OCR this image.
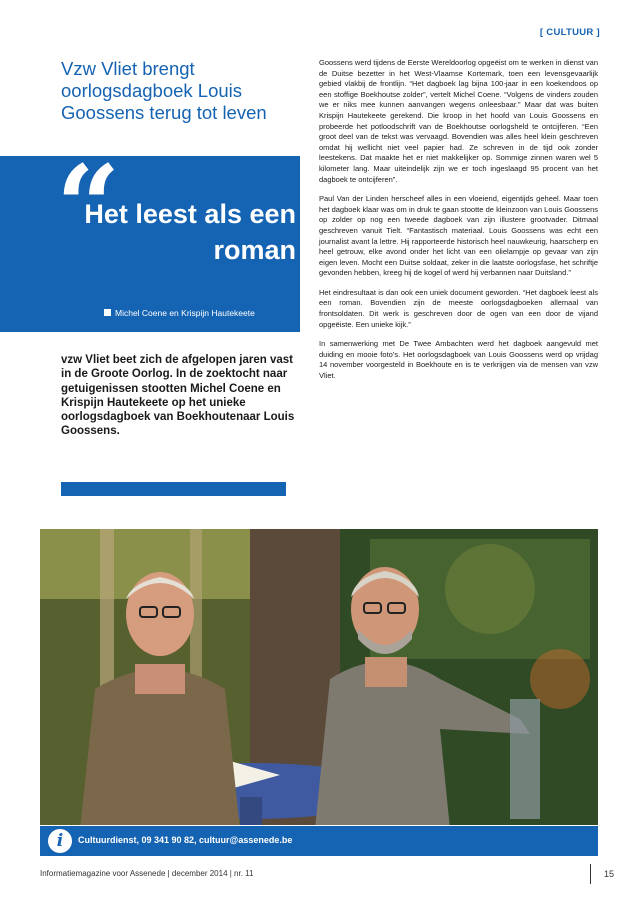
[ CULTUUR ]
Vzw Vliet brengt oorlogsdagboek Louis Goossens terug tot leven
“
Het leest als een roman
Michel Coene en Krispijn Hautekeete
vzw Vliet beet zich de afgelopen jaren vast in de Groote Oorlog. In de zoektocht naar getuigenissen stootten Michel Coene en Krispijn Hautekeete op het unieke oorlogsdagboek van Boekhoutenaar Louis Goossens.

Goossens werd tijdens de Eerste Wereldoorlog opgeëist om te werken in dienst van de Duitse bezetter in het West-Vlaamse Kortemark, toen een levensgevaarlijk gebied vlakbij de frontlijn. “Het dagboek lag bijna 100-jaar in een koekendoos op een stoffige Boekhoutse zolder”, vertelt Michel Coene. “Volgens de vinders zouden we er niks mee kunnen aanvangen wegens onleesbaar.” Maar dat was buiten Krispijn Hautekeete gerekend. Die kroop in het hoofd van Louis Goossens en probeerde het potloodschrift van de Boekhoutse oorlogsheld te ontcijferen. “Een groot deel van de tekst was vervaagd. Bovendien was alles heel klein geschreven omdat hij wellicht niet veel papier had. Ze schreven in de tijd ook zonder leestekens. Dat maakte het er niet makkelijker op. Sommige zinnen waren wel 5 kilometer lang. Maar uiteindelijk zijn we er toch ingeslaagd 95 procent van het dagboek te ontcijferen”.

Paul Van der Linden herscheef alles in een vloeiend, eigentijds geheel. Maar toen het dagboek klaar was om in druk te gaan stootte de kleinzoon van Louis Goossens op zolder op nog een tweede dagboek van zijn illustere grootvader. Ditmaal geschreven vanuit Tielt. “Fantastisch materiaal. Louis Goossens was echt een journalist avant la lettre. Hij rapporteerde historisch heel nauwkeurig, haarscherp en heel getrouw, elke avond onder het licht van een olielampje op gevaar van zijn eigen leven. Mocht een Duitse soldaat, zeker in die laatste oorlogsfase, het schriftje gevonden hebben, kreeg hij de kogel of werd hij verbannen naar Duitsland.”

Het eindresultaat is dan ook een uniek document geworden. “Het dagboek leest als een roman. Bovendien zijn de meeste oorlogsdagboeken allemaal van frontsoldaten. Dit werk is geschreven door de ogen van een door de vijand opgeëiste. Een unieke kijk.”

In samenwerking met De Twee Ambachten werd het dagboek aangevuld met duiding en mooie foto’s. Het oorlogsdagboek van Louis Goossens werd op vrijdag 14 november voorgesteld in Boekhoute en is te verkrijgen via de mensen van vzw Vliet.

i	Cultuurdienst, 09 341 90 82, cultuur@assenede.be
Informatiemagazine voor Assenede | december 2014 | nr. 11	15
